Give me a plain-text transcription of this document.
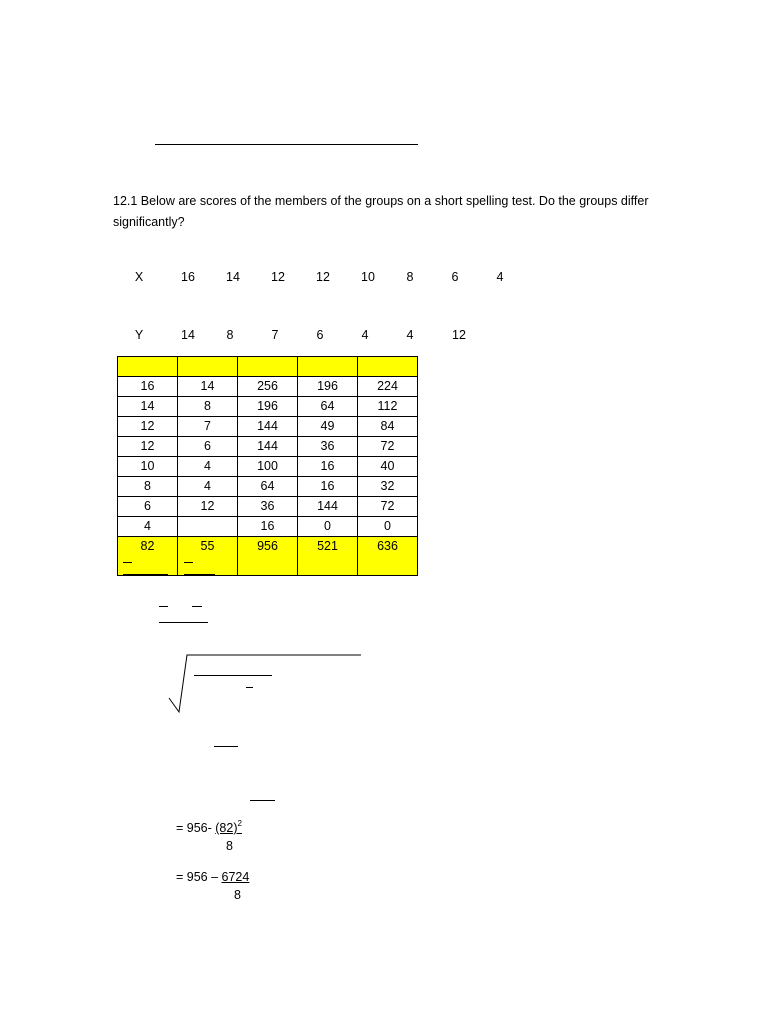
12.1 Below are scores of the members of the groups on a short spelling test. Do the groups differ significantly?
X	16	14	12	12	10	8	6	4
Y	14	8	7	6	4	4	12

16	14	256	196	224
14	8	196	64	112
12	7	144	49	84
12	6	144	36	72
10	4	100	16	40
8	4	64	16	32
6	12	36	144	72
4		16	0	0
82	55	956	521	636
= 956- $(82)^2$
8
= 956 – 6724
8
